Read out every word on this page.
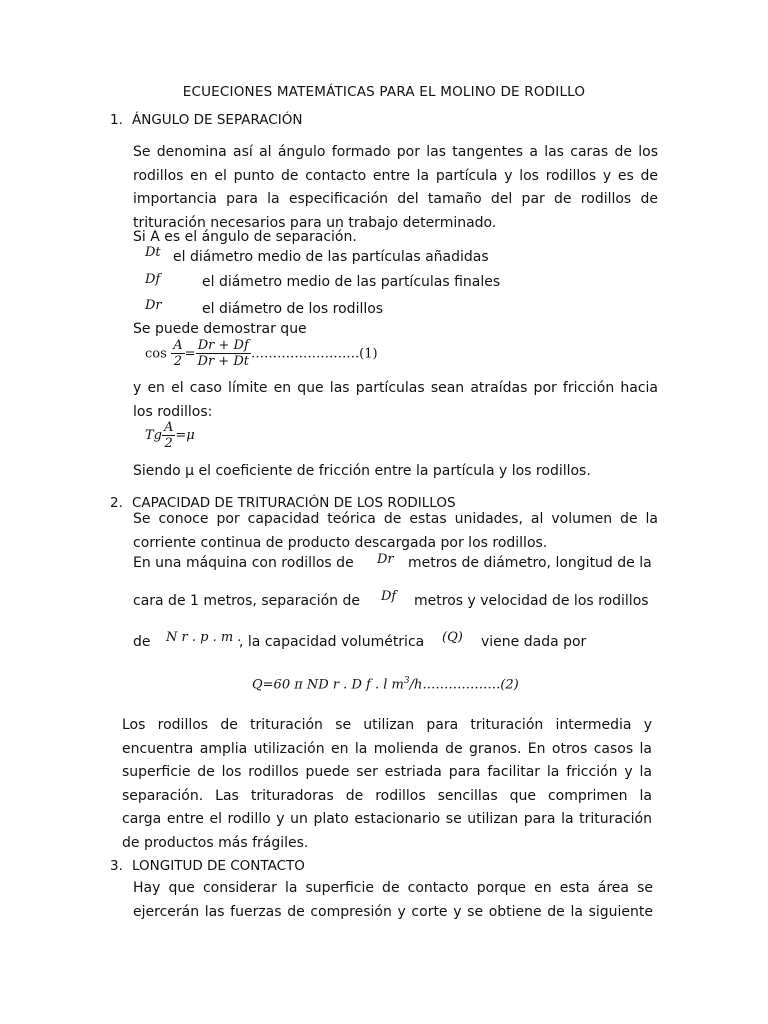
ECUECIONES MATEMÁTICAS PARA EL MOLINO DE RODILLO
1. ÁNGULO DE SEPARACIÓN
Se denomina así al ángulo formado por las tangentes a las caras de los
rodillos en el punto de contacto entre la partícula y los rodillos y es de
importancia para la especificación del tamaño del par de rodillos de
trituración necesarios para un trabajo determinado.
Si A es el ángulo de separación.
Dt el diámetro medio de las partículas añadidas
Df	el diámetro medio de las partículas finales
Dr	el diámetro de los rodillos
Se puede demostrar que
$\cos \frac{A}{2} = \frac{Dr + Df}{Dr + Dt}$ …………………….(1)
y en el caso límite en que las partículas sean atraídas por fricción hacia
los rodillos:
Tg $\frac{A}{2} =\mu$
Siendo μ el coeficiente de fricción entre la partícula y los rodillos.
2. CAPACIDAD DE TRITURACIÓN DE LOS RODILLOS
Se conoce por capacidad teórica de estas unidades, al volumen de la
corriente continua de producto descargada por los rodillos.
En una máquina con rodillos de Dr metros de diámetro, longitud de la
cara de 1 metros, separación de Df metros y velocidad de los rodillos
de N r . p . m .
, la capacidad volumétrica (Q) viene dada por
Q=60 π ND r . D f . l $m^3/h\dots\dots\dots\dots\dots\dots(2)$
Los rodillos de trituración se utilizan para trituración intermedia y
encuentra amplia utilización en la molienda de granos. En otros casos la
superficie de los rodillos puede ser estriada para facilitar la fricción y la
separación. Las trituradoras de rodillos sencillas que comprimen la
carga entre el rodillo y un plato estacionario se utilizan para la trituración
de productos más frágiles.
3. LONGITUD DE CONTACTO
Hay que considerar la superficie de contacto porque en esta área se
ejercerán las fuerzas de compresión y corte y se obtiene de la siguiente
